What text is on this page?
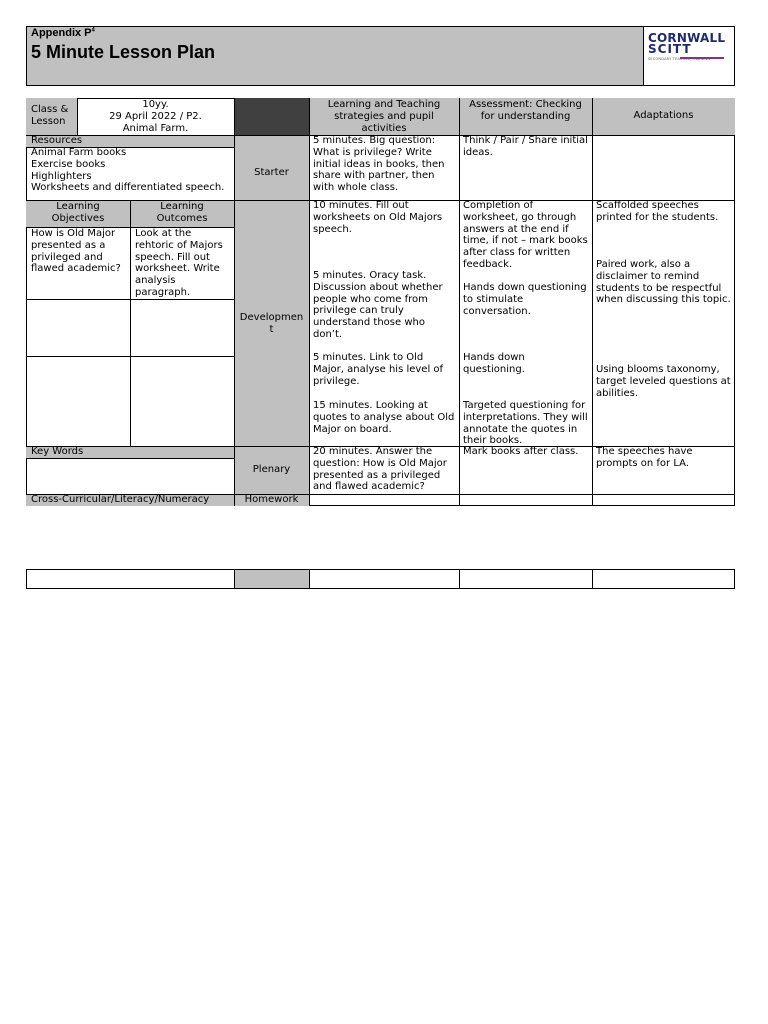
CORNWALL
SCITT
SECONDARY TEACHER TRAINING
Appendix $P^4$
5 Minute Lesson Plan
Class & Lesson
10yy.
29 April 2022 / P2.
Animal Farm.
Learning and Teaching strategies and pupil activities
Assessment: Checking for understanding	Adaptations
Resources
Animal Farm books
Exercise books
Highlighters
Worksheets and differentiated speech.
Learning Objectives
Learning Outcomes
How is Old Major presented as a privileged and flawed academic?
Look at the rehtoric of Majors speech. Fill out worksheet. Write analysis paragraph.
Key Words
Cross-Curricular/Literacy/Numeracy
Starter
Developmen
t
Plenary
Homework
5 minutes. Big question: What is privilege? Write initial ideas in books, then share with partner, then with whole class.
Think / Pair / Share initial ideas.
10 minutes. Fill out worksheets on Old Majors speech.
5 minutes. Oracy task. Discussion about whether people who come from privilege can truly understand those who don’t.
5 minutes. Link to Old Major, analyse his level of privilege.
15 minutes. Looking at quotes to analyse about Old Major on board.
Completion of worksheet, go through answers at the end if time, if not – mark books after class for written feedback.
Hands down questioning to stimulate conversation.
Hands down questioning.
Targeted questioning for interpretations. They will annotate the quotes in their books.
Scaffolded speeches printed for the students.
Paired work, also a disclaimer to remind students to be respectful when discussing this topic.
Using blooms taxonomy, target leveled questions at abilities.
20 minutes. Answer the question: How is Old Major presented as a privileged and flawed academic?
Mark books after class.	The speeches have prompts on for LA.
